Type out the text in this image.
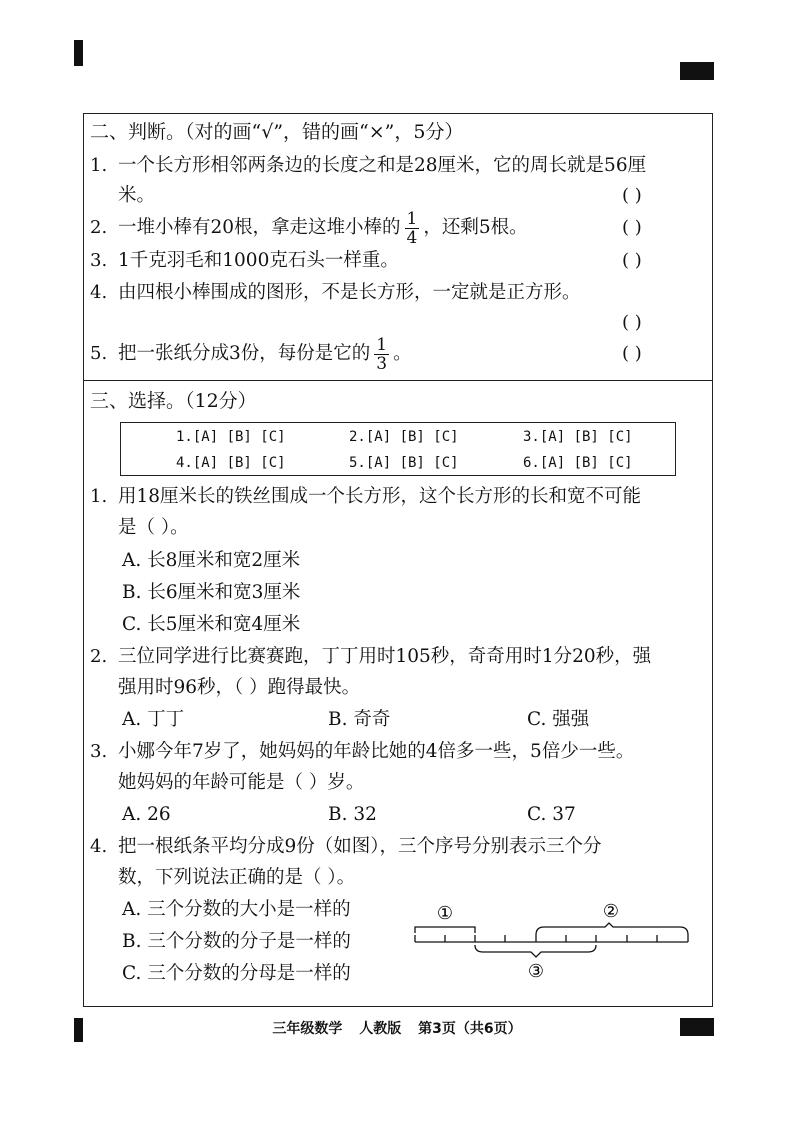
二、判断。（对的画“√”，错的画“×”，5分）
1. 一个长方形相邻两条边的长度之和是28厘米，它的周长就是56厘
米。	( )
2. 一堆小棒有20根，拿走这堆小棒的 $\frac{1}{4}$ ，还剩5根。	( )
3. 1千克羽毛和1000克石头一样重。	( )
4. 由四根小棒围成的图形，不是长方形，一定就是正方形。
( )
5. 把一张纸分成3份，每份是它的 $\frac{1}{3}$ 。	( )
三、选择。（12分）
1.[A] [B] [C]	2.[A] [B] [C]	3.[A] [B] [C]
4.[A] [B] [C]	5.[A] [B] [C]	6.[A] [B] [C]
1. 用18厘米长的铁丝围成一个长方形，这个长方形的长和宽不可能
是（ ）。
A. 长8厘米和宽2厘米
B. 长6厘米和宽3厘米
C. 长5厘米和宽4厘米
2. 三位同学进行比赛赛跑，丁丁用时105秒，奇奇用时1分20秒，强
强用时96秒，（ ）跑得最快。
A. 丁丁	B. 奇奇	C. 强强
3. 小娜今年7岁了，她妈妈的年龄比她的4倍多一些，5倍少一些。
她妈妈的年龄可能是（ ）岁。
A. 26	B. 32	C. 37
4. 把一根纸条平均分成9份（如图），三个序号分别表示三个分
数，下列说法正确的是（ ）。
A. 三个分数的大小是一样的
B. 三个分数的分子是一样的
C. 三个分数的分母是一样的
①	②
③
三年级数学 人教版 第3页（共6页）
